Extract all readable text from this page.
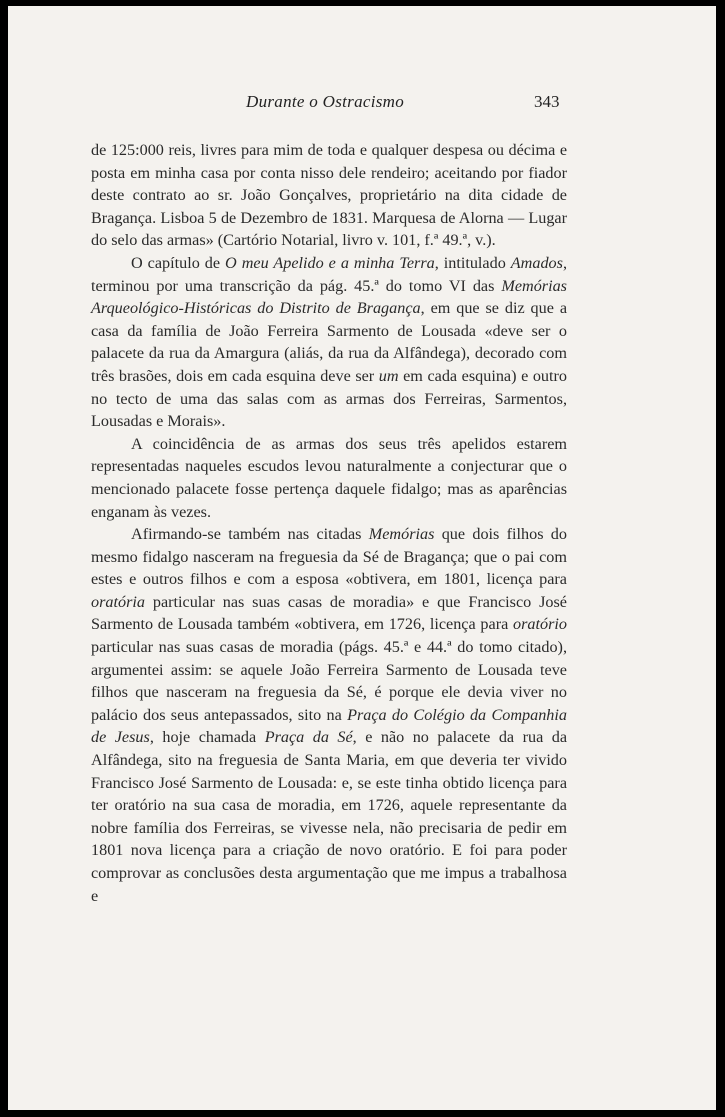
Durante o Ostracismo	343

de 125:000 reis, livres para mim de toda e qualquer despesa ou décima e posta em minha casa por conta nisso dele rendeiro; aceitando por fiador deste contrato ao sr. João Gonçalves, proprietário na dita cidade de Bragança. Lisboa 5 de Dezembro de 1831. Marquesa de Alorna — Lugar do selo das armas» (Cartório Notarial, livro v. 101, f.ª 49.ª, v.).

O capítulo de O meu Apelido e a minha Terra, intitulado Amados, terminou por uma transcrição da pág. 45.ª do tomo VI das Memórias Arqueológico-Históricas do Distrito de Bragança, em que se diz que a casa da família de João Ferreira Sarmento de Lousada «deve ser o palacete da rua da Amargura (aliás, da rua da Alfândega), decorado com três brasões, dois em cada esquina deve ser um em cada esquina) e outro no tecto de uma das salas com as armas dos Ferreiras, Sarmentos, Lousadas e Morais».

A coincidência de as armas dos seus três apelidos estarem representadas naqueles escudos levou naturalmente a conjecturar que o mencionado palacete fosse pertença daquele fidalgo; mas as aparências enganam às vezes.

Afirmando-se também nas citadas Memórias que dois filhos do mesmo fidalgo nasceram na freguesia da Sé de Bragança; que o pai com estes e outros filhos e com a esposa «obtivera, em 1801, licença para oratória particular nas suas casas de moradia» e que Francisco José Sarmento de Lousada também «obtivera, em 1726, licença para oratório particular nas suas casas de moradia (págs. 45.ª e 44.ª do tomo citado), argumentei assim: se aquele João Ferreira Sarmento de Lousada teve filhos que nasceram na freguesia da Sé, é porque ele devia viver no palácio dos seus antepassados, sito na Praça do Colégio da Companhia de Jesus, hoje chamada Praça da Sé, e não no palacete da rua da Alfândega, sito na freguesia de Santa Maria, em que deveria ter vivido Francisco José Sarmento de Lousada: e, se este tinha obtido licença para ter oratório na sua casa de moradia, em 1726, aquele representante da nobre família dos Ferreiras, se vivesse nela, não precisaria de pedir em 1801 nova licença para a criação de novo oratório. E foi para poder comprovar as conclusões desta argumentação que me impus a trabalhosa e
